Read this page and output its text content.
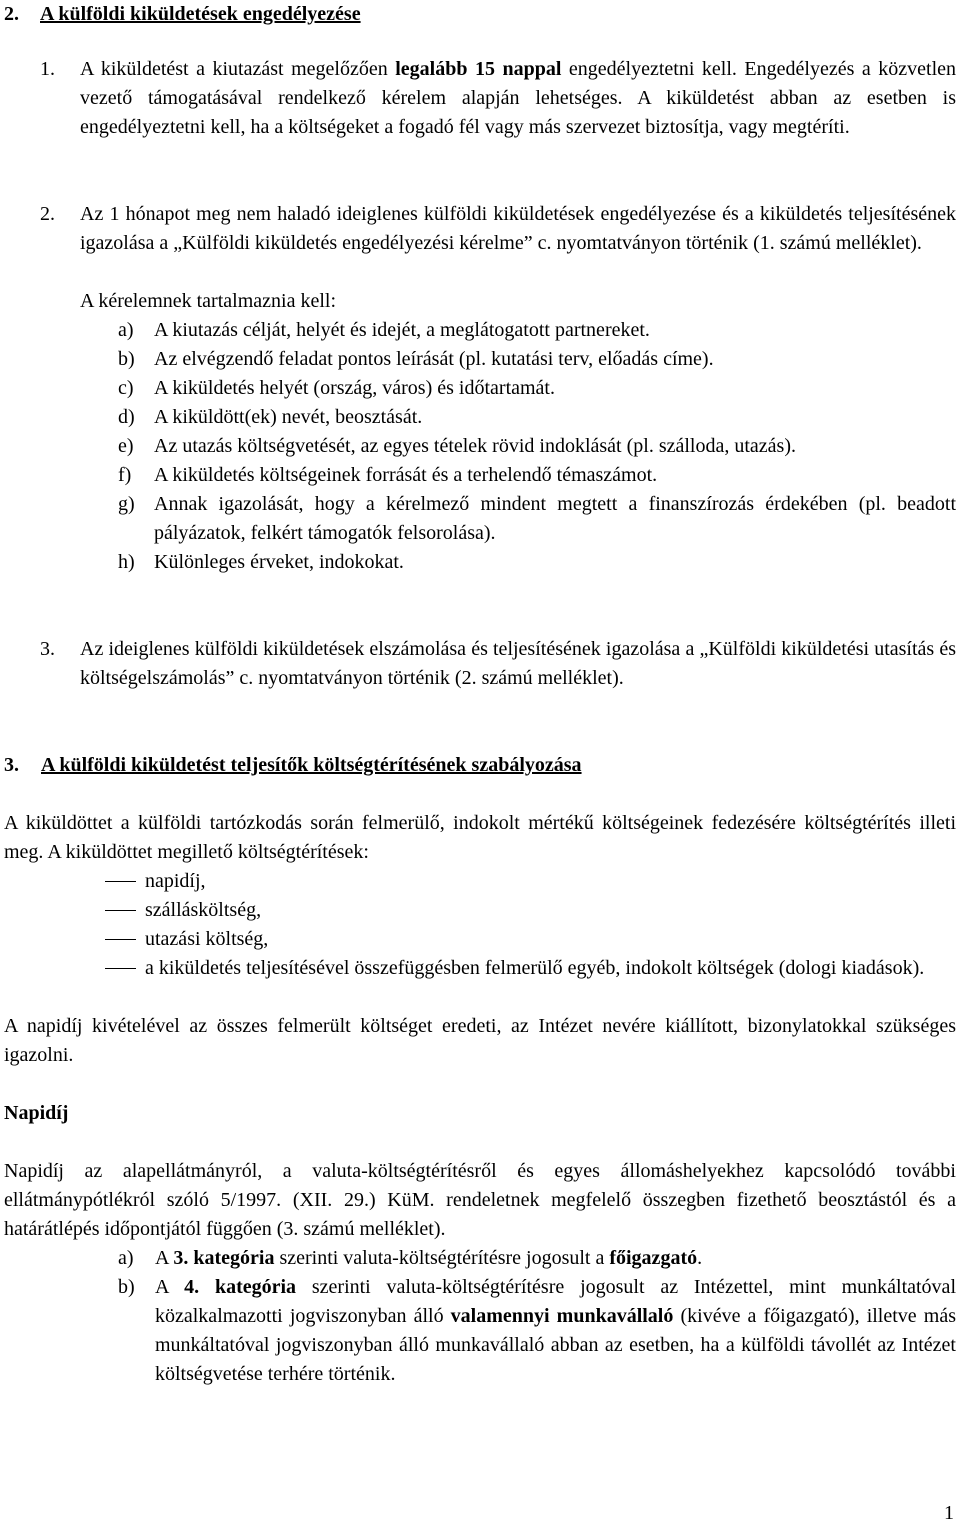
2. A külföldi kiküldetések engedélyezése
1. A kiküldetést a kiutazást megelőzően legalább 15 nappal engedélyeztetni kell. Engedélyezés a közvetlen vezető támogatásával rendelkező kérelem alapján lehetséges. A kiküldetést abban az esetben is engedélyeztetni kell, ha a költségeket a fogadó fél vagy más szervezet biztosítja, vagy megtéríti.
2. Az 1 hónapot meg nem haladó ideiglenes külföldi kiküldetések engedélyezése és a kiküldetés teljesítésének igazolása a „Külföldi kiküldetés engedélyezési kérelme” c. nyomtatványon történik (1. számú melléklet).
A kérelemnek tartalmaznia kell:
a) A kiutazás célját, helyét és idejét, a meglátogatott partnereket.
b) Az elvégzendő feladat pontos leírását (pl. kutatási terv, előadás címe).
c) A kiküldetés helyét (ország, város) és időtartamát.
d) A kiküldött(ek) nevét, beosztását.
e) Az utazás költségvetését, az egyes tételek rövid indoklását (pl. szálloda, utazás).
f) A kiküldetés költségeinek forrását és a terhelendő témaszámot.
g) Annak igazolását, hogy a kérelmező mindent megtett a finanszírozás érdekében (pl. beadott pályázatok, felkért támogatók felsorolása).
h) Különleges érveket, indokokat.
3. Az ideiglenes külföldi kiküldetések elszámolása és teljesítésének igazolása a „Külföldi kiküldetési utasítás és költségelszámolás” c. nyomtatványon történik (2. számú melléklet).
3. A külföldi kiküldetést teljesítők költségtérítésének szabályozása
A kiküldöttet a külföldi tartózkodás során felmerülő, indokolt mértékű költségeinek fedezésére költségtérítés illeti meg. A kiküldöttet megillető költségtérítések:
napidíj,
szállásköltség,
utazási költség,
a kiküldetés teljesítésével összefüggésben felmerülő egyéb, indokolt költségek (dologi kiadások).
A napidíj kivételével az összes felmerült költséget eredeti, az Intézet nevére kiállított, bizonylatokkal szükséges igazolni.
Napidíj
Napidíj az alapellátmányról, a valuta-költségtérítésről és egyes állomáshelyekhez kapcsolódó további ellátmánypótlékról szóló 5/1997. (XII. 29.) KüM. rendeletnek megfelelő összegben fizethető beosztástól és a határátlépés időpontjától függően (3. számú melléklet).
a) A 3. kategória szerinti valuta-költségtérítésre jogosult a főigazgató.
b) A 4. kategória szerinti valuta-költségtérítésre jogosult az Intézettel, mint munkáltatóval közalkalmazotti jogviszonyban álló valamennyi munkavállaló (kivéve a főigazgató), illetve más munkáltatóval jogviszonyban álló munkavállaló abban az esetben, ha a külföldi távollét az Intézet költségvetése terhére történik.
1
